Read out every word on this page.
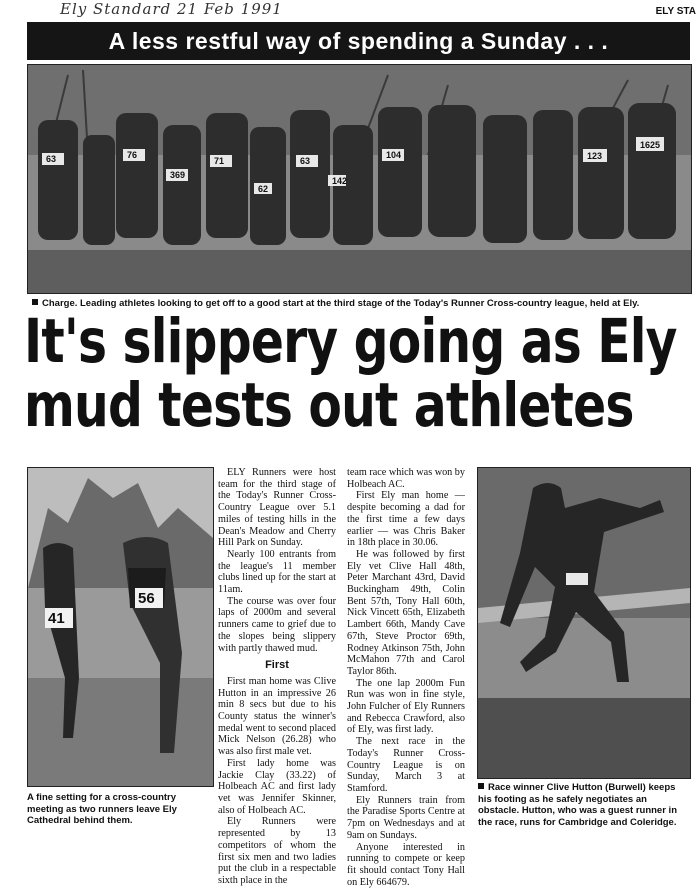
Ely Standard 21 Feb 1991	ELY STA
A less restful way of spending a Sunday . . .
63	76
369
71
62
63
104	123
1625
142
Charge. Leading athletes looking to get off to a good start at the third stage of the Today's Runner Cross-country league, held at Ely.
It's slippery going as Ely
mud tests out athletes
41
56
A fine setting for a cross-country meeting as two runners leave Ely Cathedral behind them.

ELY Runners were host team for the third stage of the Today's Runner Cross-Country League over 5.1 miles of testing hills in the Dean's Meadow and Cherry Hill Park on Sunday.

Nearly 100 entrants from the league's 11 member clubs lined up for the start at 11am.

The course was over four laps of 2000m and several runners came to grief due to the slopes being slippery with partly thawed mud.

First

First man home was Clive Hutton in an impressive 26 min 8 secs but due to his County status the winner's medal went to second placed Mick Nelson (26.28) who was also first male vet.

First lady home was Jackie Clay (33.22) of Holbeach AC and first lady vet was Jennifer Skinner, also of Holbeach AC.

Ely Runners were represented by 13 competitors of whom the first six men and two ladies put the club in a respectable sixth place in the

team race which was won by Holbeach AC.

First Ely man home — despite becoming a dad for the first time a few days earlier — was Chris Baker in 18th place in 30.06.

He was followed by first Ely vet Clive Hall 48th, Peter Marchant 43rd, David Buckingham 49th, Colin Bent 57th, Tony Hall 60th, Nick Vincett 65th, Elizabeth Lambert 66th, Mandy Cave 67th, Steve Proctor 69th, Rodney Atkinson 75th, John McMahon 77th and Carol Taylor 86th.

The one lap 2000m Fun Run was won in fine style, John Fulcher of Ely Runners and Rebecca Crawford, also of Ely, was first lady.

The next race in the Today's Runner Cross-Country League is on Sunday, March 3 at Stamford.

Ely Runners train from the Paradise Sports Centre at 7pm on Wednesdays and at 9am on Sundays.

Anyone interested in running to compete or keep fit should contact Tony Hall on Ely 664679.

Race winner Clive Hutton (Burwell) keeps his footing as he safely negotiates an obstacle. Hutton, who was a guest runner in the race, runs for Cambridge and Coleridge.
